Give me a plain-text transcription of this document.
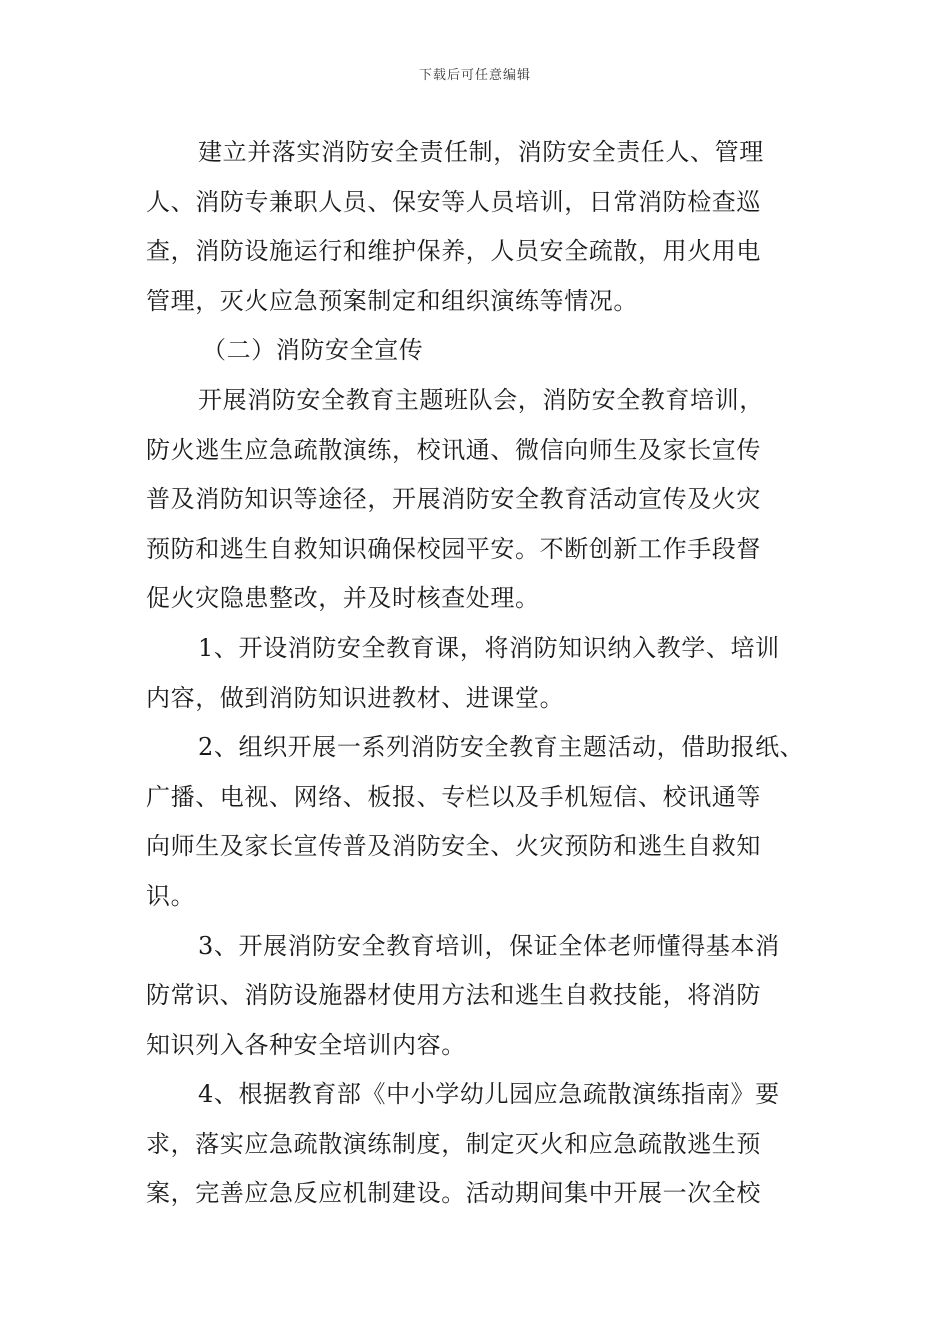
下载后可任意编辑
建立并落实消防安全责任制，消防安全责任人、管理
人、消防专兼职人员、保安等人员培训，日常消防检查巡
查，消防设施运行和维护保养，人员安全疏散，用火用电
管理，灭火应急预案制定和组织演练等情况。
（二）消防安全宣传
开展消防安全教育主题班队会，消防安全教育培训，
防火逃生应急疏散演练，校讯通、微信向师生及家长宣传
普及消防知识等途径，开展消防安全教育活动宣传及火灾
预防和逃生自救知识确保校园平安。不断创新工作手段督
促火灾隐患整改，并及时核查处理。
1、开设消防安全教育课，将消防知识纳入教学、培训
内容，做到消防知识进教材、进课堂。
2、组织开展一系列消防安全教育主题活动，借助报纸、
广播、电视、网络、板报、专栏以及手机短信、校讯通等
向师生及家长宣传普及消防安全、火灾预防和逃生自救知
识。
3、开展消防安全教育培训，保证全体老师懂得基本消
防常识、消防设施器材使用方法和逃生自救技能，将消防
知识列入各种安全培训内容。
4、根据教育部《中小学幼儿园应急疏散演练指南》要
求，落实应急疏散演练制度，制定灭火和应急疏散逃生预
案，完善应急反应机制建设。活动期间集中开展一次全校
